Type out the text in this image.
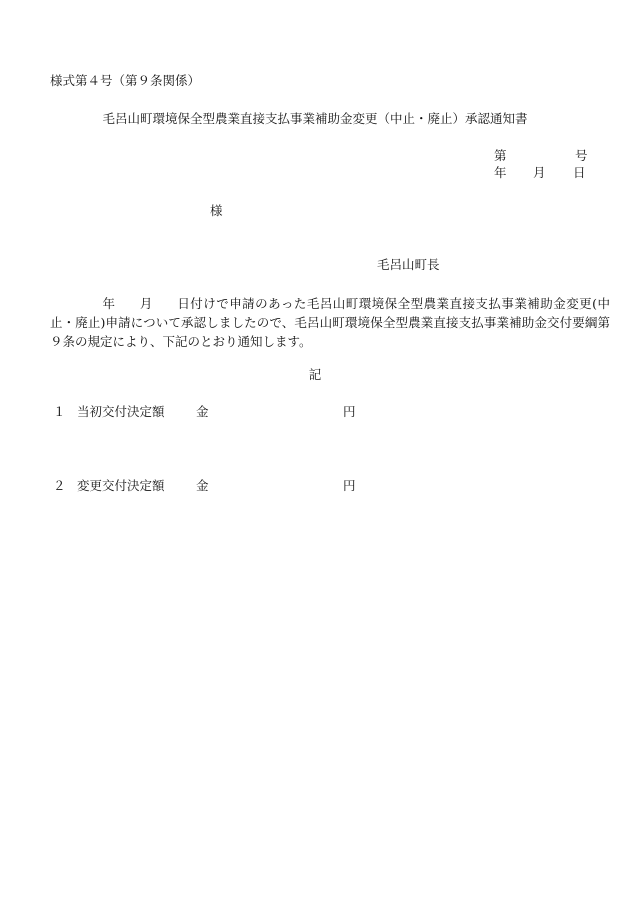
様式第４号（第９条関係）
毛呂山町環境保全型農業直接支払事業補助金変更（中止・廃止）承認通知書
第	号
年 月 日
様
毛呂山町長

年 月 日付けで申請のあった毛呂山町環境保全型農業直接支払事業補助金変更(中止・廃止)申請について承認しましたので、毛呂山町環境保全型農業直接支払事業補助金交付要綱第９条の規定により、下記のとおり通知します。

記
１ 当初交付決定額	金	円
２ 変更交付決定額	金	円
